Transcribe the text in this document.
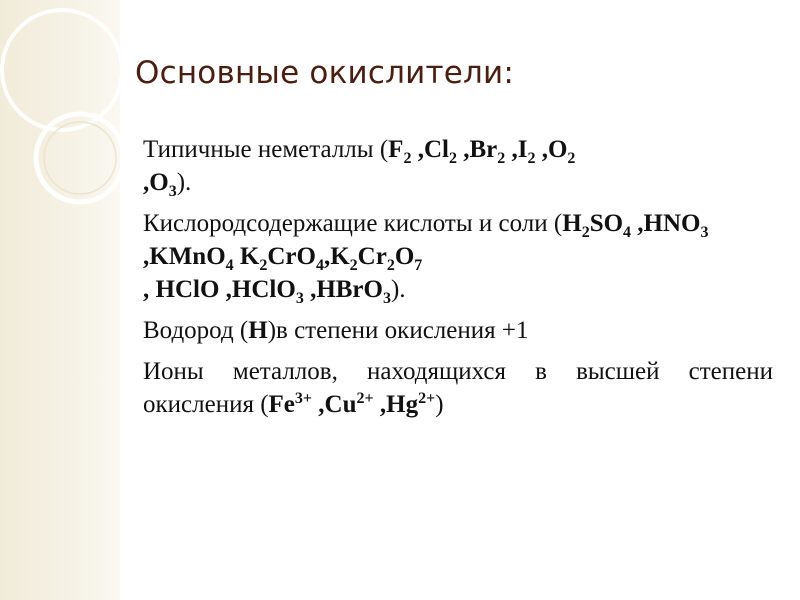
Основные окислители:

Типичные неметаллы ($F_2$ $,Cl_2$ $,Br_2$ $,I_2$ $,O_2$
$,O_3$).

Кислородсодержащие кислоты и соли ($H_2SO_4$ $,HNO_3$ ,KMnO$_4$ $K_2CrO_4,K_2Cr_2O_7$
, HClO ,HClO$_3$ ,HBrO$_3$).

Водород (H)в степени окисления +1

Ионы металлов, находящихся в высшей степени окисления ($Fe^{3+}$ $,Cu^{2+}$ $,Hg^{2+}$)
